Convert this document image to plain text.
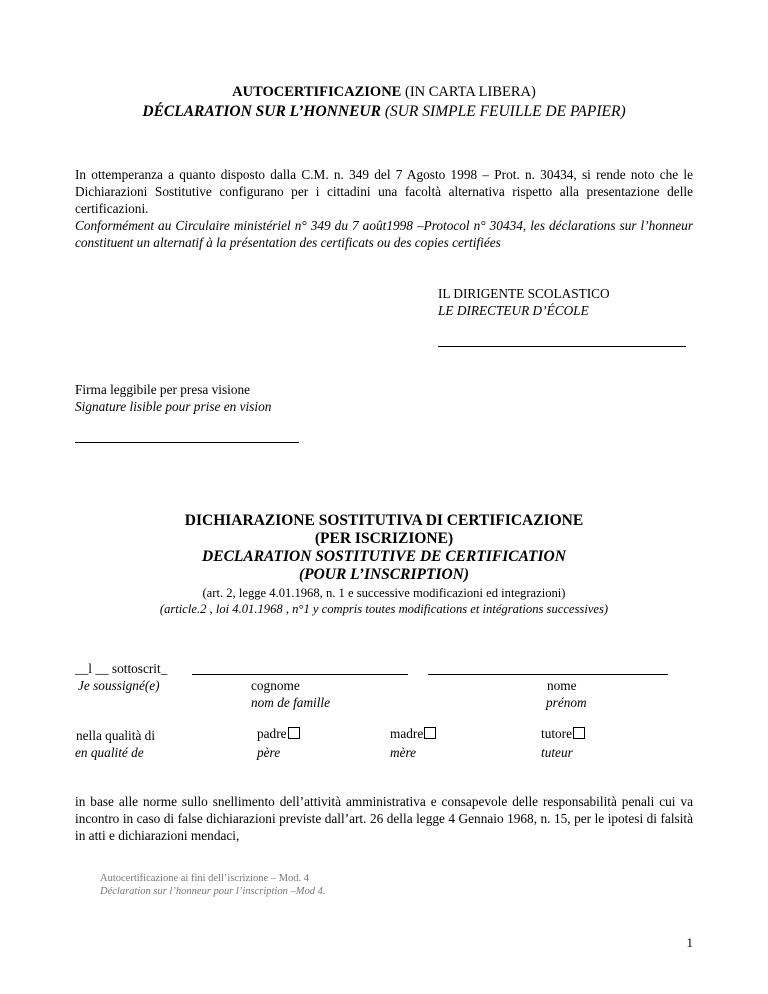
AUTOCERTIFICAZIONE (IN CARTA LIBERA)
DÉCLARATION SUR L’HONNEUR (SUR SIMPLE FEUILLE DE PAPIER)
In ottemperanza a quanto disposto dalla C.M. n. 349 del 7 Agosto 1998 – Prot. n. 30434, si rende noto che le Dichiarazioni Sostitutive configurano per i cittadini una facoltà alternativa rispetto alla presentazione delle certificazioni.
Conformément au Circulaire ministériel n° 349 du 7 août1998 –Protocol n° 30434, les déclarations sur l’honneur constituent un alternatif à la présentation des certificats ou des copies certifiées
IL DIRIGENTE SCOLASTICO
LE DIRECTEUR D’ÉCOLE
Firma leggibile per presa visione
Signature lisible pour prise en vision
DICHIARAZIONE SOSTITUTIVA DI CERTIFICAZIONE
(PER ISCRIZIONE)
DECLARATION SOSTITUTIVE DE CERTIFICATION
(POUR L’INSCRIPTION)
(art. 2, legge 4.01.1968, n. 1 e successive modificazioni ed integrazioni)
(article.2 , loi 4.01.1968 , n°1 y compris toutes modifications et intégrations successives)
__l __ sottoscrit_
Je soussigné(e)	cognome
nom de famille
nome
prénom
nella qualità di
en qualité de
padre
père
madre
mère
tutore
tuteur
in base alle norme sullo snellimento dell’attività amministrativa e consapevole delle responsabilità penali cui va incontro in caso di false dichiarazioni previste dall’art. 26 della legge 4 Gennaio 1968, n. 15, per le ipotesi di falsità in atti e dichiarazioni mendaci,
Autocertificazione ai fini dell’iscrizione – Mod. 4
Déclaration sur l’honneur pour l’inscription –Mod 4.
1
